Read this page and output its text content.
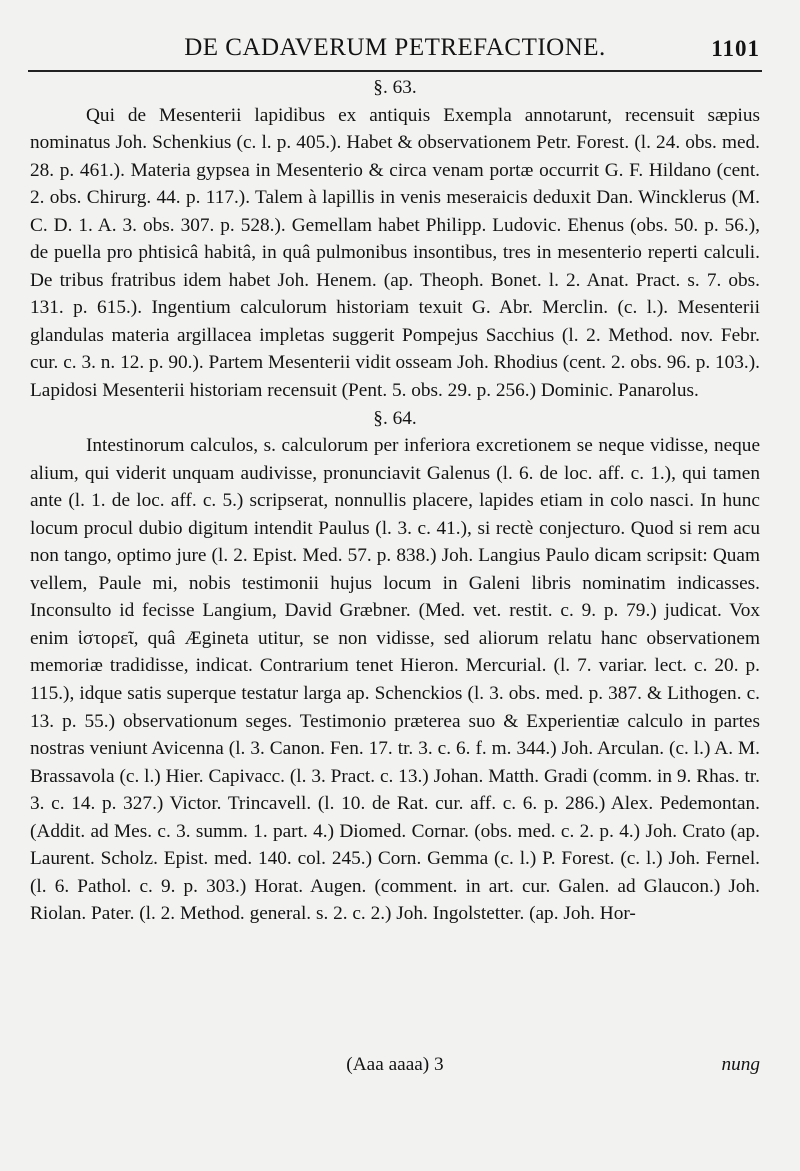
DE CADAVERUM PETREFACTIONE.	1101

§. 63.

Qui de Mesenterii lapidibus ex antiquis Exempla annotarunt, recensuit sæpius nominatus Joh. Schenkius (c. l. p. 405.). Habet & observationem Petr. Forest. (l. 24. obs. med. 28. p. 461.). Materia gypsea in Mesenterio & circa venam portæ occurrit G. F. Hildano (cent. 2. obs. Chirurg. 44. p. 117.). Talem à lapillis in venis meseraicis deduxit Dan. Wincklerus (M. C. D. 1. A. 3. obs. 307. p. 528.). Gemellam habet Philipp. Ludovic. Ehenus (obs. 50. p. 56.), de puella pro phtisicâ habitâ, in quâ pulmonibus insontibus, tres in mesenterio reperti calculi. De tribus fratribus idem habet Joh. Henem. (ap. Theoph. Bonet. l. 2. Anat. Pract. s. 7. obs. 131. p. 615.). Ingentium calculorum historiam texuit G. Abr. Merclin. (c. l.). Mesenterii glandulas materia argillacea impletas suggerit Pompejus Sacchius (l. 2. Method. nov. Febr. cur. c. 3. n. 12. p. 90.). Partem Mesenterii vidit osseam Joh. Rhodius (cent. 2. obs. 96. p. 103.). Lapidosi Mesenterii historiam recensuit (Pent. 5. obs. 29. p. 256.) Dominic. Panarolus.

§. 64.

Intestinorum calculos, s. calculorum per inferiora excretionem se neque vidisse, neque alium, qui viderit unquam audivisse, pronunciavit Galenus (l. 6. de loc. aff. c. 1.), qui tamen ante (l. 1. de loc. aff. c. 5.) scripserat, nonnullis placere, lapides etiam in colo nasci. In hunc locum procul dubio digitum intendit Paulus (l. 3. c. 41.), si rectè conjecturo. Quod si rem acu non tango, optimo jure (l. 2. Epist. Med. 57. p. 838.) Joh. Langius Paulo dicam scripsit: Quam vellem, Paule mi, nobis testimonii hujus locum in Galeni libris nominatim indicasses. Inconsulto id fecisse Langium, David Græbner. (Med. vet. restit. c. 9. p. 79.) judicat. Vox enim ἱστορεῖ, quâ Ægineta utitur, se non vidisse, sed aliorum relatu hanc observationem memoriæ tradidisse, indicat. Contrarium tenet Hieron. Mercurial. (l. 7. variar. lect. c. 20. p. 115.), idque satis superque testatur larga ap. Schenckios (l. 3. obs. med. p. 387. & Lithogen. c. 13. p. 55.) observationum seges. Testimonio præterea suo & Experientiæ calculo in partes nostras veniunt Avicenna (l. 3. Canon. Fen. 17. tr. 3. c. 6. f. m. 344.) Joh. Arculan. (c. l.) A. M. Brassavola (c. l.) Hier. Capivacc. (l. 3. Pract. c. 13.) Johan. Matth. Gradi (comm. in 9. Rhas. tr. 3. c. 14. p. 327.) Victor. Trincavell. (l. 10. de Rat. cur. aff. c. 6. p. 286.) Alex. Pedemontan. (Addit. ad Mes. c. 3. summ. 1. part. 4.) Diomed. Cornar. (obs. med. c. 2. p. 4.) Joh. Crato (ap. Laurent. Scholz. Epist. med. 140. col. 245.) Corn. Gemma (c. l.) P. Forest. (c. l.) Joh. Fernel. (l. 6. Pathol. c. 9. p. 303.) Horat. Augen. (comment. in art. cur. Galen. ad Glaucon.) Joh. Riolan. Pater. (l. 2. Method. general. s. 2. c. 2.) Joh. Ingolstetter. (ap. Joh. Hor-

(Aaa aaaa) 3	nung
